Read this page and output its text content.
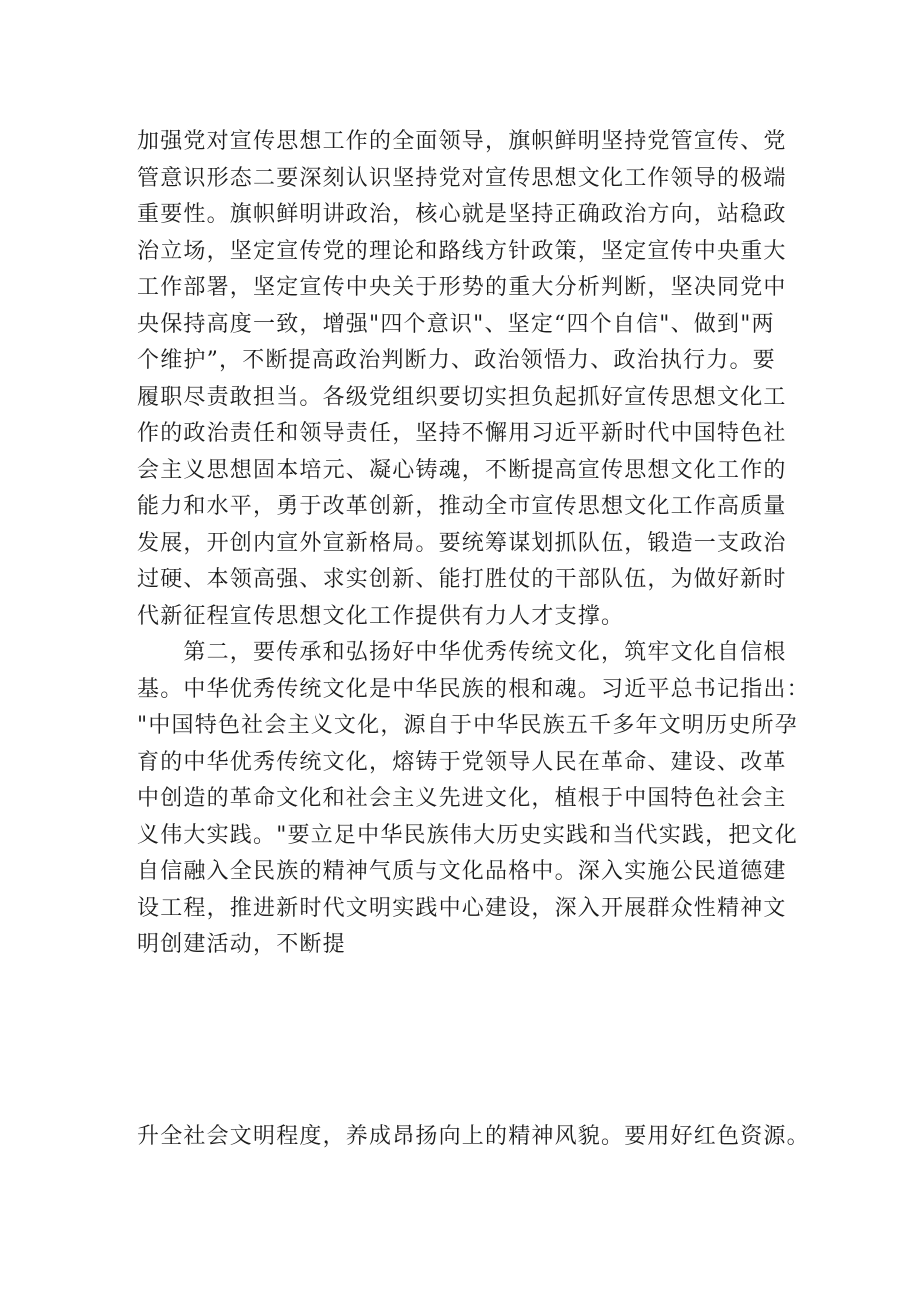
加强党对宣传思想工作的全面领导，旗帜鲜明坚持党管宣传、党
管意识形态二要深刻认识坚持党对宣传思想文化工作领导的极端
重要性。旗帜鲜明讲政治，核心就是坚持正确政治方向，站稳政
治立场，坚定宣传党的理论和路线方针政策，坚定宣传中央重大
工作部署，坚定宣传中央关于形势的重大分析判断，坚决同党中
央保持高度一致，增强"四个意识"、坚定“四个自信"、做到"两
个维护”，不断提高政治判断力、政治领悟力、政治执行力。要
履职尽责敢担当。各级党组织要切实担负起抓好宣传思想文化工
作的政治责任和领导责任，坚持不懈用习近平新时代中国特色社
会主义思想固本培元、凝心铸魂，不断提高宣传思想文化工作的
能力和水平，勇于改革创新，推动全市宣传思想文化工作高质量
发展，开创内宣外宣新格局。要统筹谋划抓队伍，锻造一支政治
过硬、本领高强、求实创新、能打胜仗的干部队伍，为做好新时
代新征程宣传思想文化工作提供有力人才支撑。
　　第二，要传承和弘扬好中华优秀传统文化，筑牢文化自信根
基。中华优秀传统文化是中华民族的根和魂。习近平总书记指出：
"中国特色社会主义文化，源自于中华民族五千多年文明历史所孕
育的中华优秀传统文化，熔铸于党领导人民在革命、建设、改革
中创造的革命文化和社会主义先进文化，植根于中国特色社会主
义伟大实践。"要立足中华民族伟大历史实践和当代实践，把文化
自信融入全民族的精神气质与文化品格中。深入实施公民道德建
设工程，推进新时代文明实践中心建设，深入开展群众性精神文
明创建活动，不断提
升全社会文明程度，养成昂扬向上的精神风貌。要用好红色资源。
